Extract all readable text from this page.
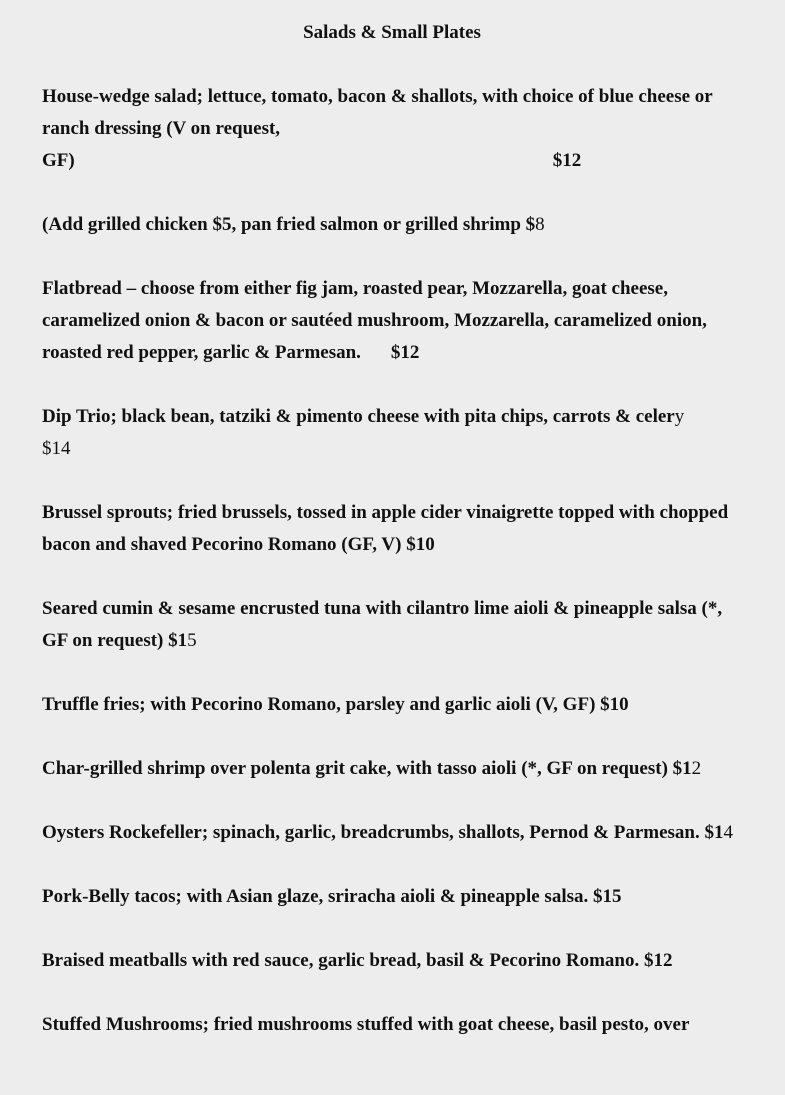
Salads & Small Plates
House-wedge salad; lettuce, tomato, bacon & shallots, with choice of blue cheese or ranch dressing (V on request,
GF)	$12
(Add grilled chicken $5, pan fried salmon or grilled shrimp $8
Flatbread – choose from either fig jam, roasted pear, Mozzarella, goat cheese, caramelized onion & bacon or sautéed mushroom, Mozzarella, caramelized onion, roasted red pepper, garlic & Parmesan. $12
Dip Trio; black bean, tatziki & pimento cheese with pita chips, carrots & celery
$14
Brussel sprouts; fried brussels, tossed in apple cider vinaigrette topped with chopped bacon and shaved Pecorino Romano (GF, V) $10
Seared cumin & sesame encrusted tuna with cilantro lime aioli & pineapple salsa (*, GF on request) $15
Truffle fries; with Pecorino Romano, parsley and garlic aioli (V, GF) $10
Char-grilled shrimp over polenta grit cake, with tasso aioli (*, GF on request) $12
Oysters Rockefeller; spinach, garlic, breadcrumbs, shallots, Pernod & Parmesan. $14
Pork-Belly tacos; with Asian glaze, sriracha aioli & pineapple salsa. $15
Braised meatballs with red sauce, garlic bread, basil & Pecorino Romano. $12
Stuffed Mushrooms; fried mushrooms stuffed with goat cheese, basil pesto, over
